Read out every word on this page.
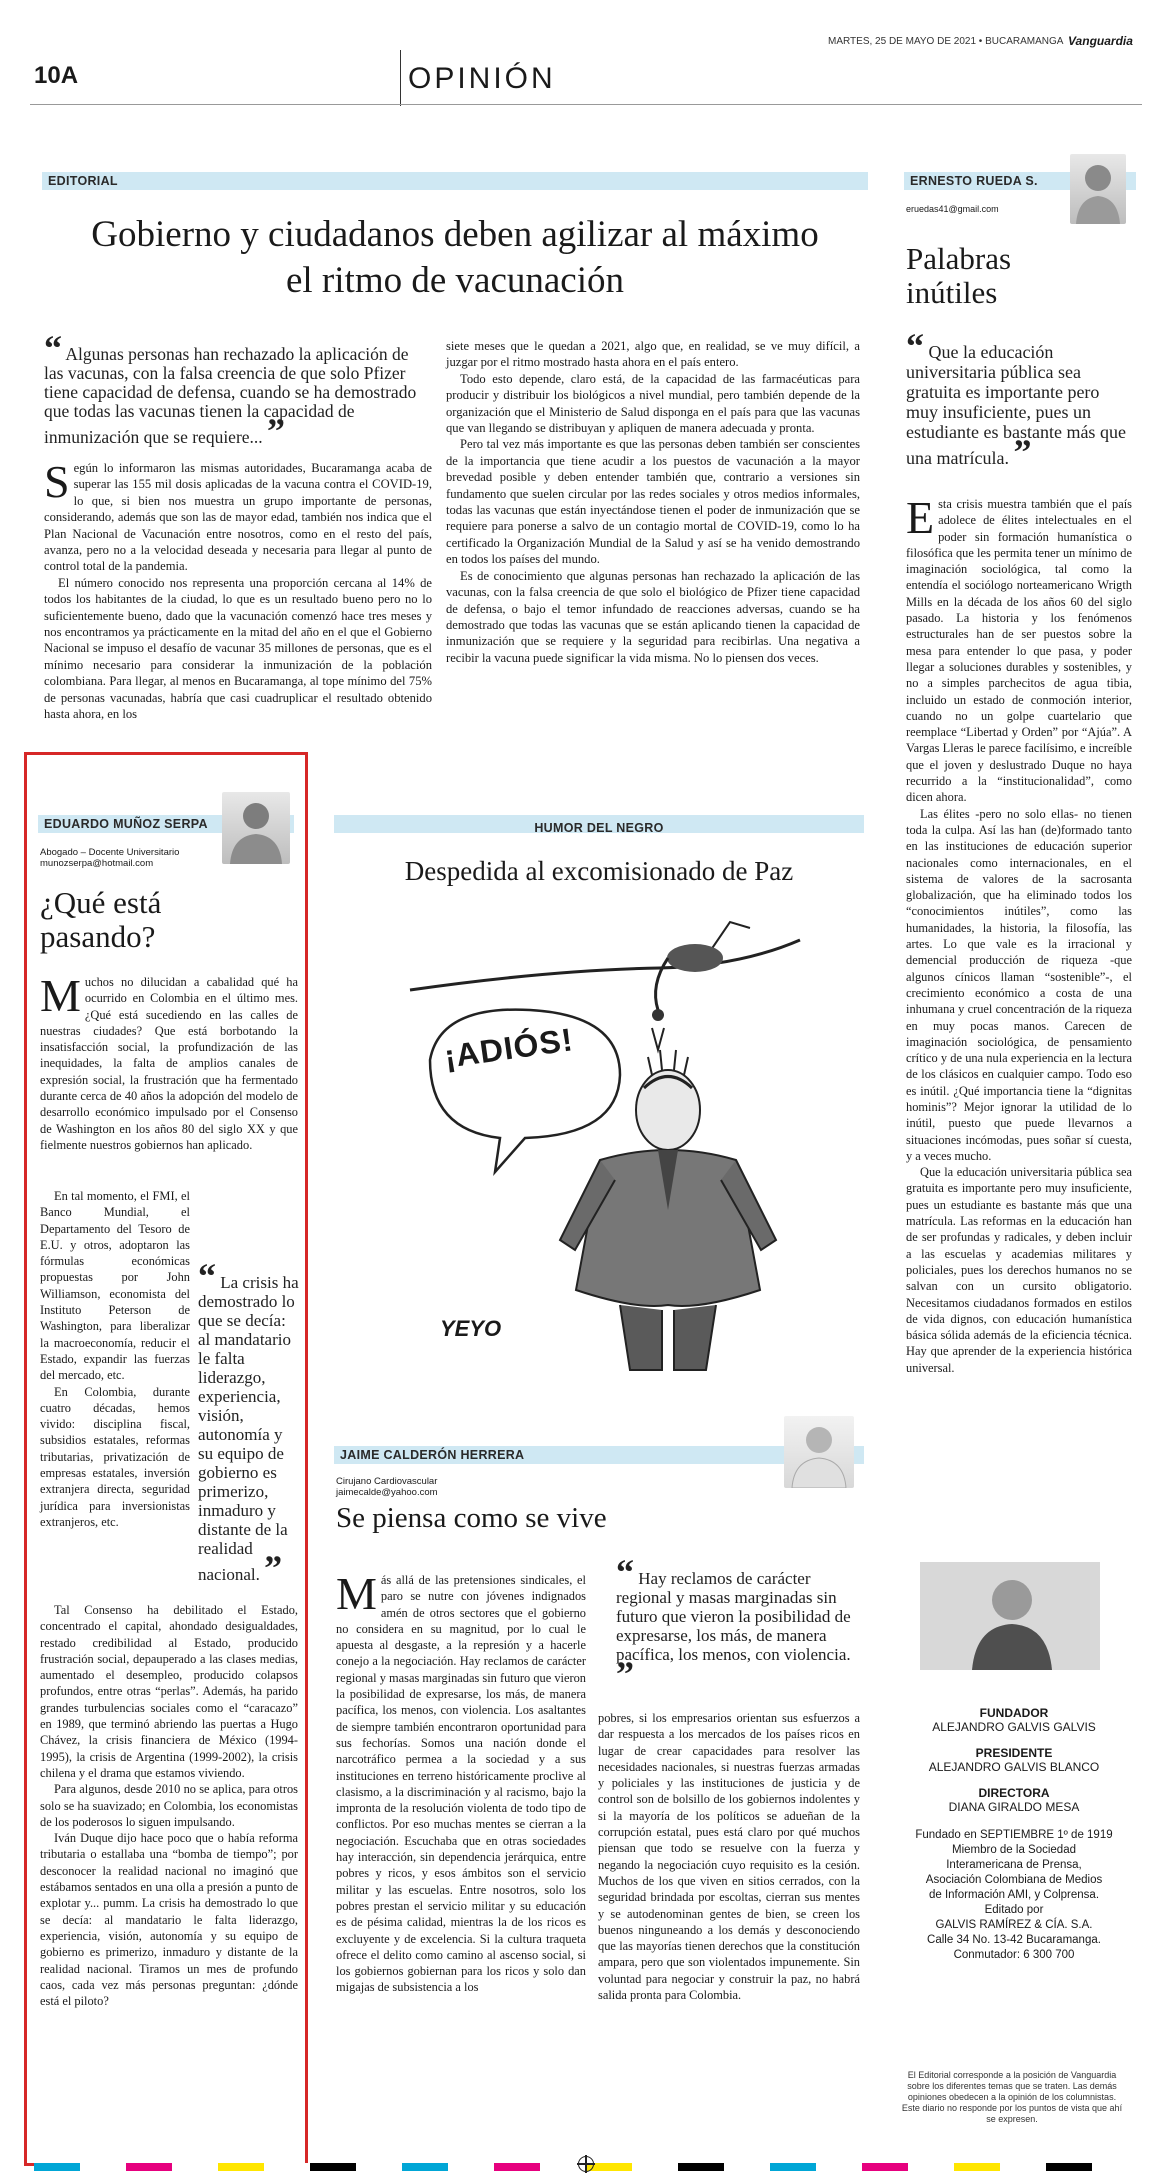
10A	OPINIÓN
MARTES, 25 DE MAYO DE 2021 • BUCARAMANGA Vanguardia
EDITORIAL
Gobierno y ciudadanos deben agilizar al máximo
el ritmo de vacunación
“ Algunas personas han rechazado la aplicación de las vacunas, con la falsa creencia de que solo Pfizer tiene capacidad de defensa, cuando se ha demostrado que todas las vacunas tienen la capacidad de inmunización que se requiere... ”

Según lo informaron las mismas autoridades, Bucaramanga acaba de superar las 155 mil dosis aplicadas de la vacuna contra el COVID-19, lo que, si bien nos muestra un grupo importante de personas, considerando, además que son las de mayor edad, también nos indica que el Plan Nacional de Vacunación entre nosotros, como en el resto del país, avanza, pero no a la velocidad deseada y necesaria para llegar al punto de control total de la pandemia.

El número conocido nos representa una proporción cercana al 14% de todos los habitantes de la ciudad, lo que es un resultado bueno pero no lo suficientemente bueno, dado que la vacunación comenzó hace tres meses y nos encontramos ya prácticamente en la mitad del año en el que el Gobierno Nacional se impuso el desafío de vacunar 35 millones de personas, que es el mínimo necesario para considerar la inmunización de la población colombiana. Para llegar, al menos en Bucaramanga, al tope mínimo del 75% de personas vacunadas, habría que casi cuadruplicar el resultado obtenido hasta ahora, en los

siete meses que le quedan a 2021, algo que, en realidad, se ve muy difícil, a juzgar por el ritmo mostrado hasta ahora en el país entero.

Todo esto depende, claro está, de la capacidad de las farmacéuticas para producir y distribuir los biológicos a nivel mundial, pero también depende de la organización que el Ministerio de Salud disponga en el país para que las vacunas que van llegando se distribuyan y apliquen de manera adecuada y pronta.

Pero tal vez más importante es que las personas deben también ser conscientes de la importancia que tiene acudir a los puestos de vacunación a la mayor brevedad posible y deben entender también que, contrario a versiones sin fundamento que suelen circular por las redes sociales y otros medios informales, todas las vacunas que están inyectándose tienen el poder de inmunización que se requiere para ponerse a salvo de un contagio mortal de COVID-19, como lo ha certificado la Organización Mundial de la Salud y así se ha venido demostrando en todos los países del mundo.

Es de conocimiento que algunas personas han rechazado la aplicación de las vacunas, con la falsa creencia de que solo el biológico de Pfizer tiene capacidad de defensa, o bajo el temor infundado de reacciones adversas, cuando se ha demostrado que todas las vacunas que se están aplicando tienen la capacidad de inmunización que se requiere y la seguridad para recibirlas. Una negativa a recibir la vacuna puede significar la vida misma. No lo piensen dos veces.

ERNESTO RUEDA S.
eruedas41@gmail.com
Palabras
inútiles
“ Que la educación universitaria pública sea gratuita es importante pero muy insuficiente, pues un estudiante es bastante más que una matrícula. ”

Esta crisis muestra también que el país adolece de élites intelectuales en el poder sin formación humanística o filosófica que les permita tener un mínimo de imaginación sociológica, tal como la entendía el sociólogo norteamericano Wrigth Mills en la década de los años 60 del siglo pasado. La historia y los fenómenos estructurales han de ser puestos sobre la mesa para entender lo que pasa, y poder llegar a soluciones durables y sostenibles, y no a simples parchecitos de agua tibia, incluido un estado de conmoción interior, cuando no un golpe cuartelario que reemplace “Libertad y Orden” por “Ajúa”. A Vargas Lleras le parece facilísimo, e increíble que el joven y deslustrado Duque no haya recurrido a la “institucionalidad”, como dicen ahora.

Las élites -pero no solo ellas- no tienen toda la culpa. Así las han (de)formado tanto en las instituciones de educación superior nacionales como internacionales, en el sistema de valores de la sacrosanta globalización, que ha eliminado todos los “conocimientos inútiles”, como las humanidades, la historia, la filosofía, las artes. Lo que vale es la irracional y demencial producción de riqueza -que algunos cínicos llaman “sostenible”-, el crecimiento económico a costa de una inhumana y cruel concentración de la riqueza en muy pocas manos. Carecen de imaginación sociológica, de pensamiento crítico y de una nula experiencia en la lectura de los clásicos en cualquier campo. Todo eso es inútil. ¿Qué importancia tiene la “dignitas hominis”? Mejor ignorar la utilidad de lo inútil, puesto que puede llevarnos a situaciones incómodas, pues soñar sí cuesta, y a veces mucho.

Que la educación universitaria pública sea gratuita es importante pero muy insuficiente, pues un estudiante es bastante más que una matrícula. Las reformas en la educación han de ser profundas y radicales, y deben incluir a las escuelas y academias militares y policiales, pues los derechos humanos no se salvan con un cursito obligatorio. Necesitamos ciudadanos formados en estilos de vida dignos, con educación humanística básica sólida además de la eficiencia técnica. Hay que aprender de la experiencia histórica universal.

EDUARDO MUÑOZ SERPA
Abogado – Docente Universitario
munozserpa@hotmail.com
¿Qué está
pasando?

Muchos no dilucidan a cabalidad qué ha ocurrido en Colombia en el último mes. ¿Qué está sucediendo en las calles de nuestras ciudades? Que está borbotando la insatisfacción social, la profundización de las inequidades, la falta de amplios canales de expresión social, la frustración que ha fermentado durante cerca de 40 años la adopción del modelo de desarrollo económico impulsado por el Consenso de Washington en los años 80 del siglo XX y que fielmente nuestros gobiernos han aplicado.

En tal momento, el FMI, el Banco Mundial, el Departamento del Tesoro de E.U. y otros, adoptaron las fórmulas económicas propuestas por John Williamson, economista del Instituto Peterson de Washington, para liberalizar la macroeconomía, reducir el Estado, expandir las fuerzas del mercado, etc.

En Colombia, durante cuatro décadas, hemos vivido: disciplina fiscal, subsidios estatales, reformas tributarias, privatización de empresas estatales, inversión extranjera directa, seguridad jurídica para inversionistas extranjeros, etc.

“ La crisis ha demostrado lo que se decía: al mandatario le falta liderazgo, experiencia, visión, autonomía y su equipo de gobierno es primerizo, inmaduro y distante de la realidad nacional. ”

Tal Consenso ha debilitado el Estado, concentrado el capital, ahondado desigualdades, restado credibilidad al Estado, producido frustración social, depauperado a las clases medias, aumentado el desempleo, producido colapsos profundos, entre otras “perlas”. Además, ha parido grandes turbulencias sociales como el “caracazo” en 1989, que terminó abriendo las puertas a Hugo Chávez, la crisis financiera de México (1994-1995), la crisis de Argentina (1999-2002), la crisis chilena y el drama que estamos viviendo.

Para algunos, desde 2010 no se aplica, para otros solo se ha suavizado; en Colombia, los economistas de los poderosos lo siguen impulsando.

Iván Duque dijo hace poco que o había reforma tributaria o estallaba una “bomba de tiempo”; por desconocer la realidad nacional no imaginó que estábamos sentados en una olla a presión a punto de explotar y... pumm. La crisis ha demostrado lo que se decía: al mandatario le falta liderazgo, experiencia, visión, autonomía y su equipo de gobierno es primerizo, inmaduro y distante de la realidad nacional. Tiramos un mes de profundo caos, cada vez más personas preguntan: ¿dónde está el piloto?

HUMOR DEL NEGRO
Despedida al excomisionado de Paz
¡ADIÓS!
YEYO
JAIME CALDERÓN HERRERA
Cirujano Cardiovascular
jaimecalde@yahoo.com
Se piensa como se vive

Más allá de las pretensiones sindicales, el paro se nutre con jóvenes indignados amén de otros sectores que el gobierno no considera en su magnitud, por lo cual le apuesta al desgaste, a la represión y a hacerle conejo a la negociación. Hay reclamos de carácter regional y masas marginadas sin futuro que vieron la posibilidad de expresarse, los más, de manera pacífica, los menos, con violencia. Los asaltantes de siempre también encontraron oportunidad para sus fechorías. Somos una nación donde el narcotráfico permea a la sociedad y a sus instituciones en terreno históricamente proclive al clasismo, a la discriminación y al racismo, bajo la impronta de la resolución violenta de todo tipo de conflictos. Por eso muchas mentes se cierran a la negociación. Escuchaba que en otras sociedades hay interacción, sin dependencia jerárquica, entre pobres y ricos, y esos ámbitos son el servicio militar y las escuelas. Entre nosotros, solo los pobres prestan el servicio militar y su educación es de pésima calidad, mientras la de los ricos es excluyente y de excelencia. Si la cultura traqueta ofrece el delito como camino al ascenso social, si los gobiernos gobiernan para los ricos y solo dan migajas de subsistencia a los

“ Hay reclamos de carácter regional y masas marginadas sin futuro que vieron la posibilidad de expresarse, los más, de manera pacífica, los menos, con violencia. ”

pobres, si los empresarios orientan sus esfuerzos a dar respuesta a los mercados de los países ricos en lugar de crear capacidades para resolver las necesidades nacionales, si nuestras fuerzas armadas y policiales y las instituciones de justicia y de control son de bolsillo de los gobiernos indolentes y si la mayoría de los políticos se adueñan de la corrupción estatal, pues está claro por qué muchos piensan que todo se resuelve con la fuerza y negando la negociación cuyo requisito es la cesión. Muchos de los que viven en sitios cerrados, con la seguridad brindada por escoltas, cierran sus mentes y se autodenominan gentes de bien, se creen los buenos ninguneando a los demás y desconociendo que las mayorías tienen derechos que la constitución ampara, pero que son violentados impunemente. Sin voluntad para negociar y construir la paz, no habrá salida pronta para Colombia.

FUNDADOR
ALEJANDRO GALVIS GALVIS
PRESIDENTE
ALEJANDRO GALVIS BLANCO
DIRECTORA
DIANA GIRALDO MESA
Fundado en SEPTIEMBRE 1º de 1919
Miembro de la Sociedad
Interamericana de Prensa,
Asociación Colombiana de Medios
de Información AMI, y Colprensa.
Editado por
GALVIS RAMÍREZ & CÍA. S.A.
Calle 34 No. 13-42 Bucaramanga.
Conmutador: 6 300 700
El Editorial corresponde a la posición de Vanguardia sobre los diferentes temas que se traten. Las demás opiniones obedecen a la opinión de los columnistas. Este diario no responde por los puntos de vista que ahí se expresen.
